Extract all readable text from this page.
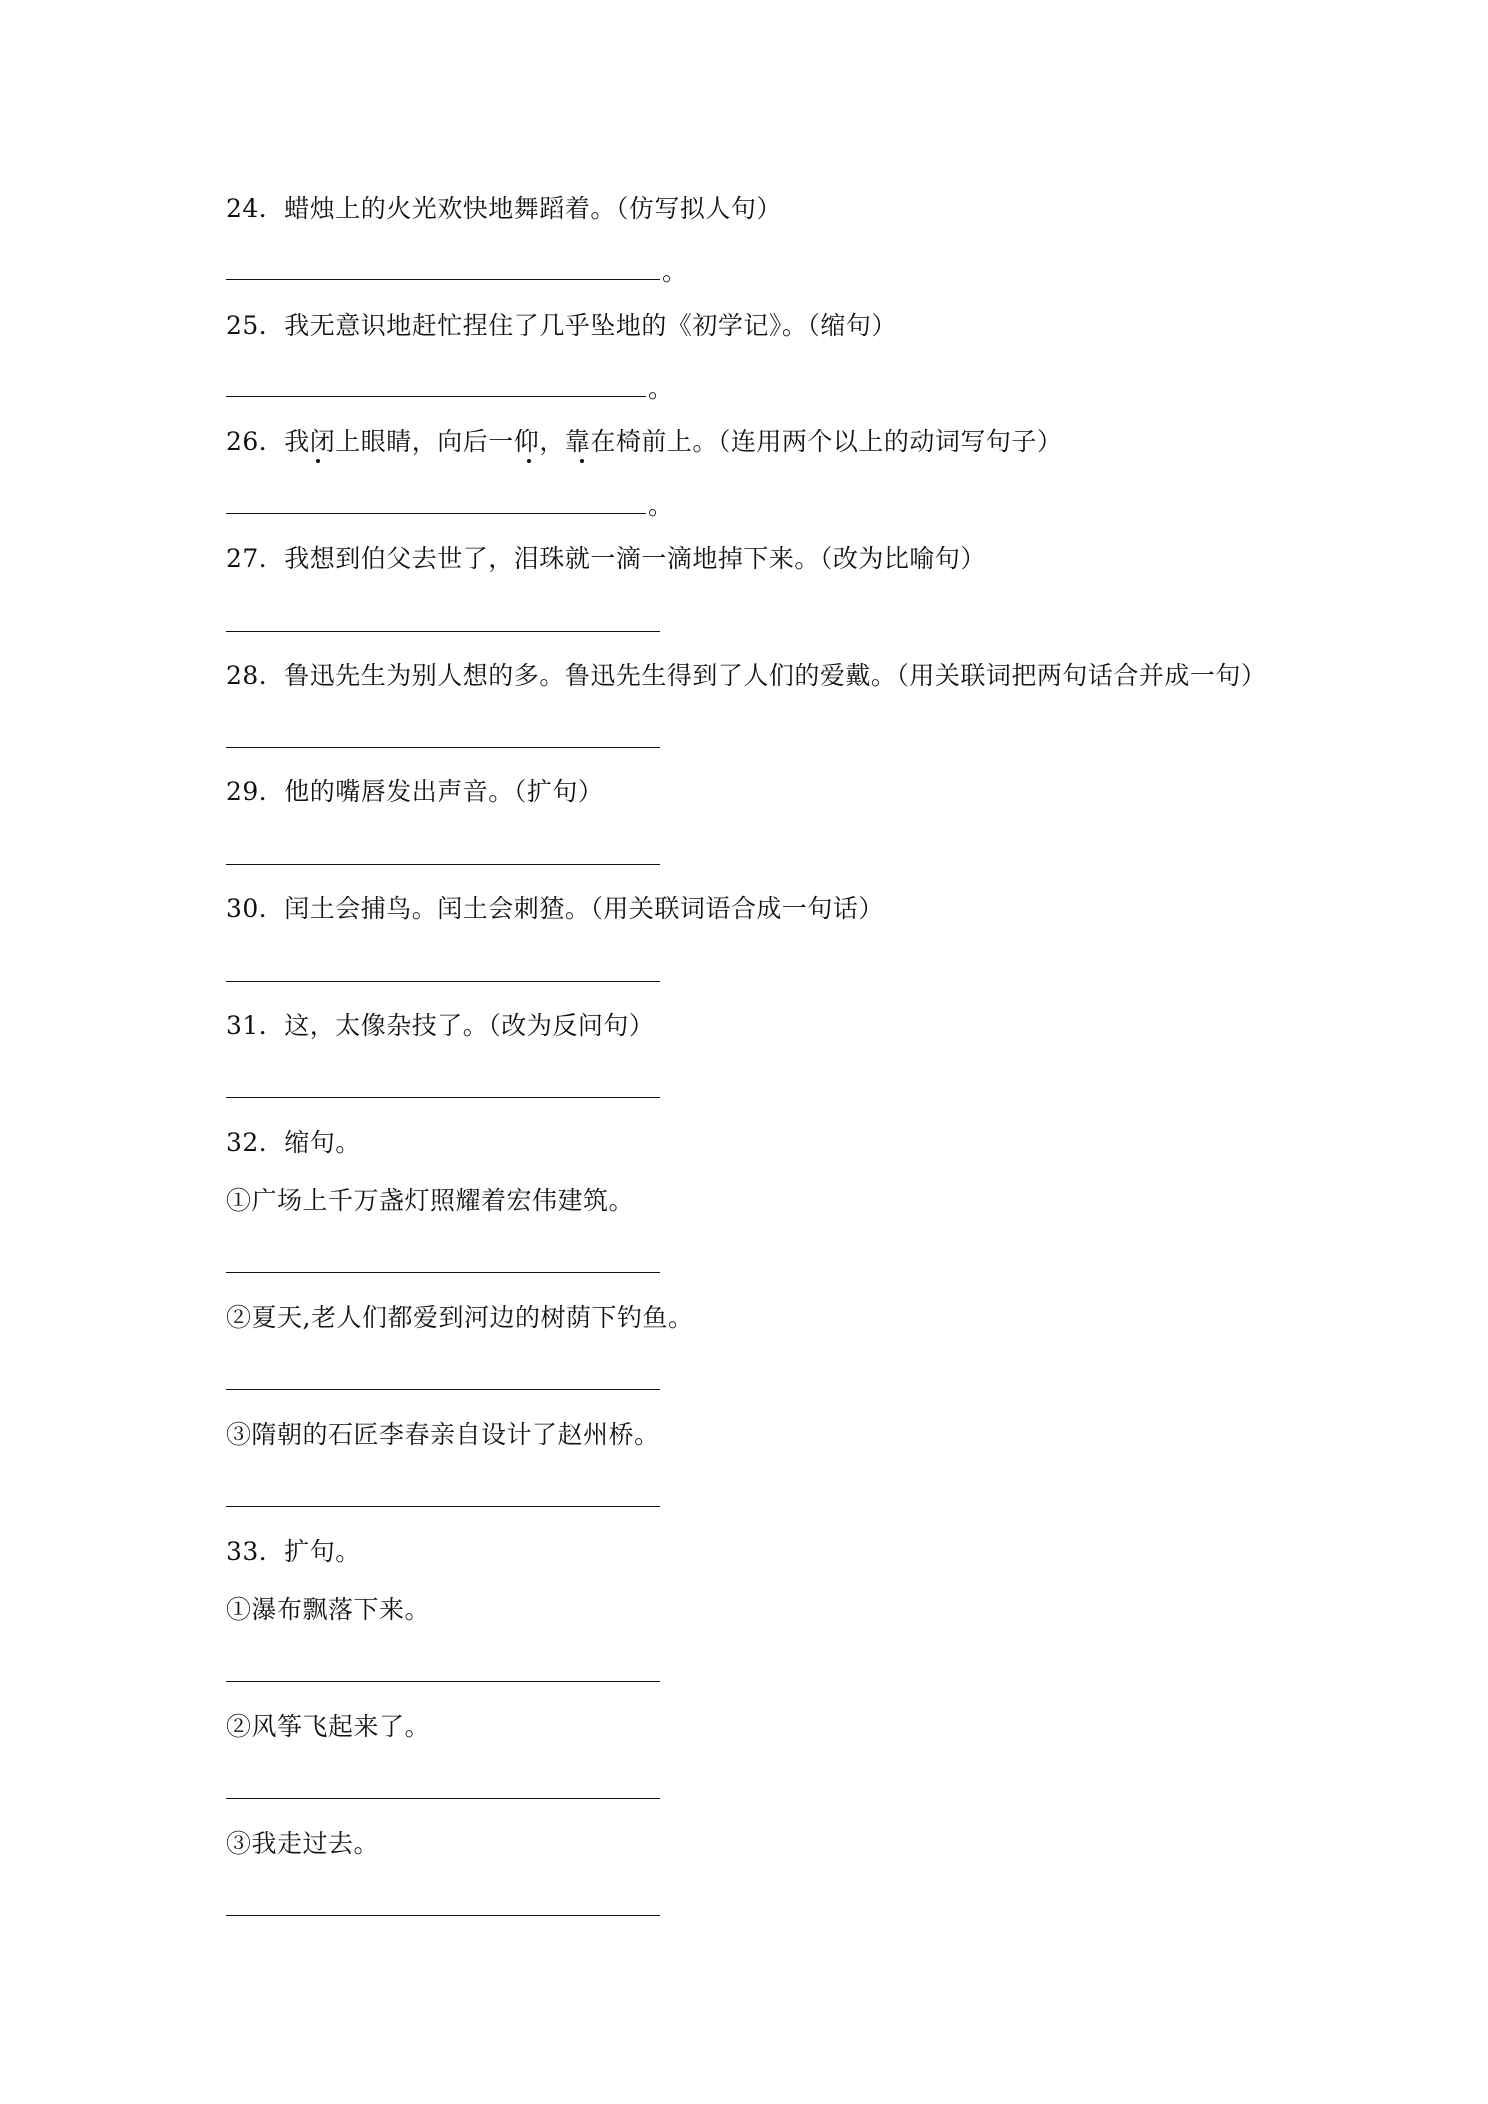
24．蜡烛上的火光欢快地舞蹈着。（仿写拟人句）
。
25．我无意识地赶忙捏住了几乎坠地的《初学记》。（缩句）
。
26．我闭上眼睛，向后一仰，靠在椅前上。（连用两个以上的动词写句子）
。
27．我想到伯父去世了，泪珠就一滴一滴地掉下来。（改为比喻句）
28．鲁迅先生为别人想的多。鲁迅先生得到了人们的爱戴。（用关联词把两句话合并成一句）
29．他的嘴唇发出声音。（扩句）
30．闰土会捕鸟。闰土会刺猹。（用关联词语合成一句话）
31．这，太像杂技了。（改为反问句）
32．缩句。
①广场上千万盏灯照耀着宏伟建筑。
②夏天,老人们都爱到河边的树荫下钓鱼。
③隋朝的石匠李春亲自设计了赵州桥。
33．扩句。
①瀑布飘落下来。
②风筝飞起来了。
③我走过去。
